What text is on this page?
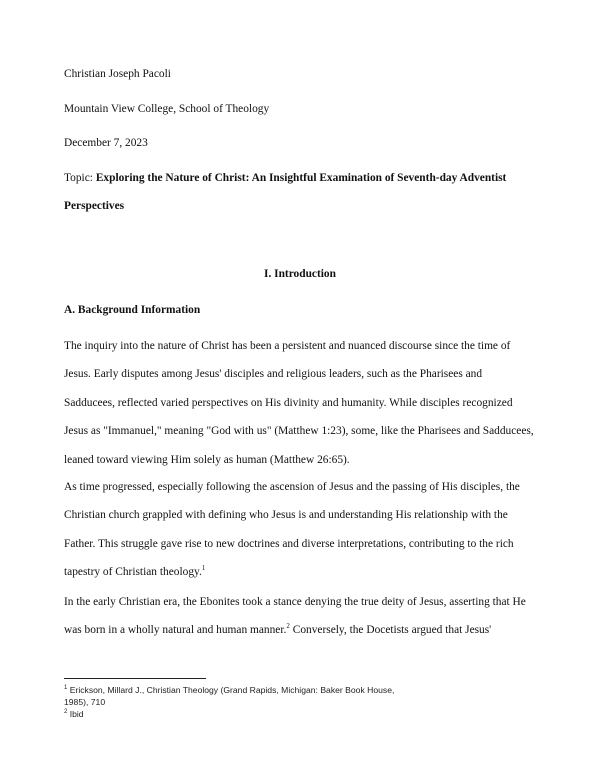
Christian Joseph Pacoli
Mountain View College, School of Theology
December 7, 2023
Topic: Exploring the Nature of Christ: An Insightful Examination of Seventh-day Adventist
Perspectives
I. Introduction
A. Background Information
The inquiry into the nature of Christ has been a persistent and nuanced discourse since the time of Jesus. Early disputes among Jesus' disciples and religious leaders, such as the Pharisees and Sadducees, reflected varied perspectives on His divinity and humanity. While disciples recognized Jesus as "Immanuel," meaning "God with us" (Matthew 1:23), some, like the Pharisees and Sadducees, leaned toward viewing Him solely as human (Matthew 26:65).
As time progressed, especially following the ascension of Jesus and the passing of His disciples, the Christian church grappled with defining who Jesus is and understanding His relationship with the Father. This struggle gave rise to new doctrines and diverse interpretations, contributing to the rich tapestry of Christian theology.$^1$
In the early Christian era, the Ebonites took a stance denying the true deity of Jesus, asserting that He was born in a wholly natural and human manner.$^2$ Conversely, the Docetists argued that Jesus'
$^1$ Erickson, Millard J., Christian Theology (Grand Rapids, Michigan: Baker Book House,
1985), 710
$^2$ Ibid
